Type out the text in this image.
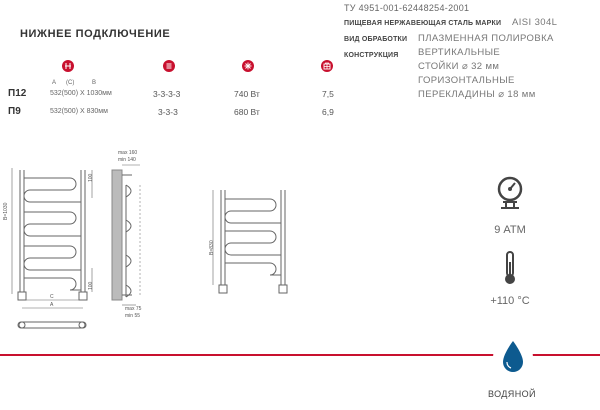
НИЖНЕЕ ПОДКЛЮЧЕНИЕ
ТУ 4951-001-62448254-2001
ПИЩЕВАЯ НЕРЖАВЕЮЩАЯ СТАЛЬ МАРКИ AISI 304L
ВИД ОБРАБОТКИ ПЛАЗМЕННАЯ ПОЛИРОВКА
КОНСТРУКЦИЯ ВЕРТИКАЛЬНЫЕ
СТОЙКИ ⌀ 32 мм
ГОРИЗОНТАЛЬНЫЕ
ПЕРЕКЛАДИНЫ ⌀ 18 мм
A (C)	B
П12	532(500) X 1030мм	3-3-3-3	740 Вт	7,5
П9	532(500) X 830мм	3-3-3	680 Вт	6,9
B=1030
100
100
C
A
max 160
min 140
max 75
min 55
B=830
9 АТМ
+110 °С
ВОДЯНОЙ
